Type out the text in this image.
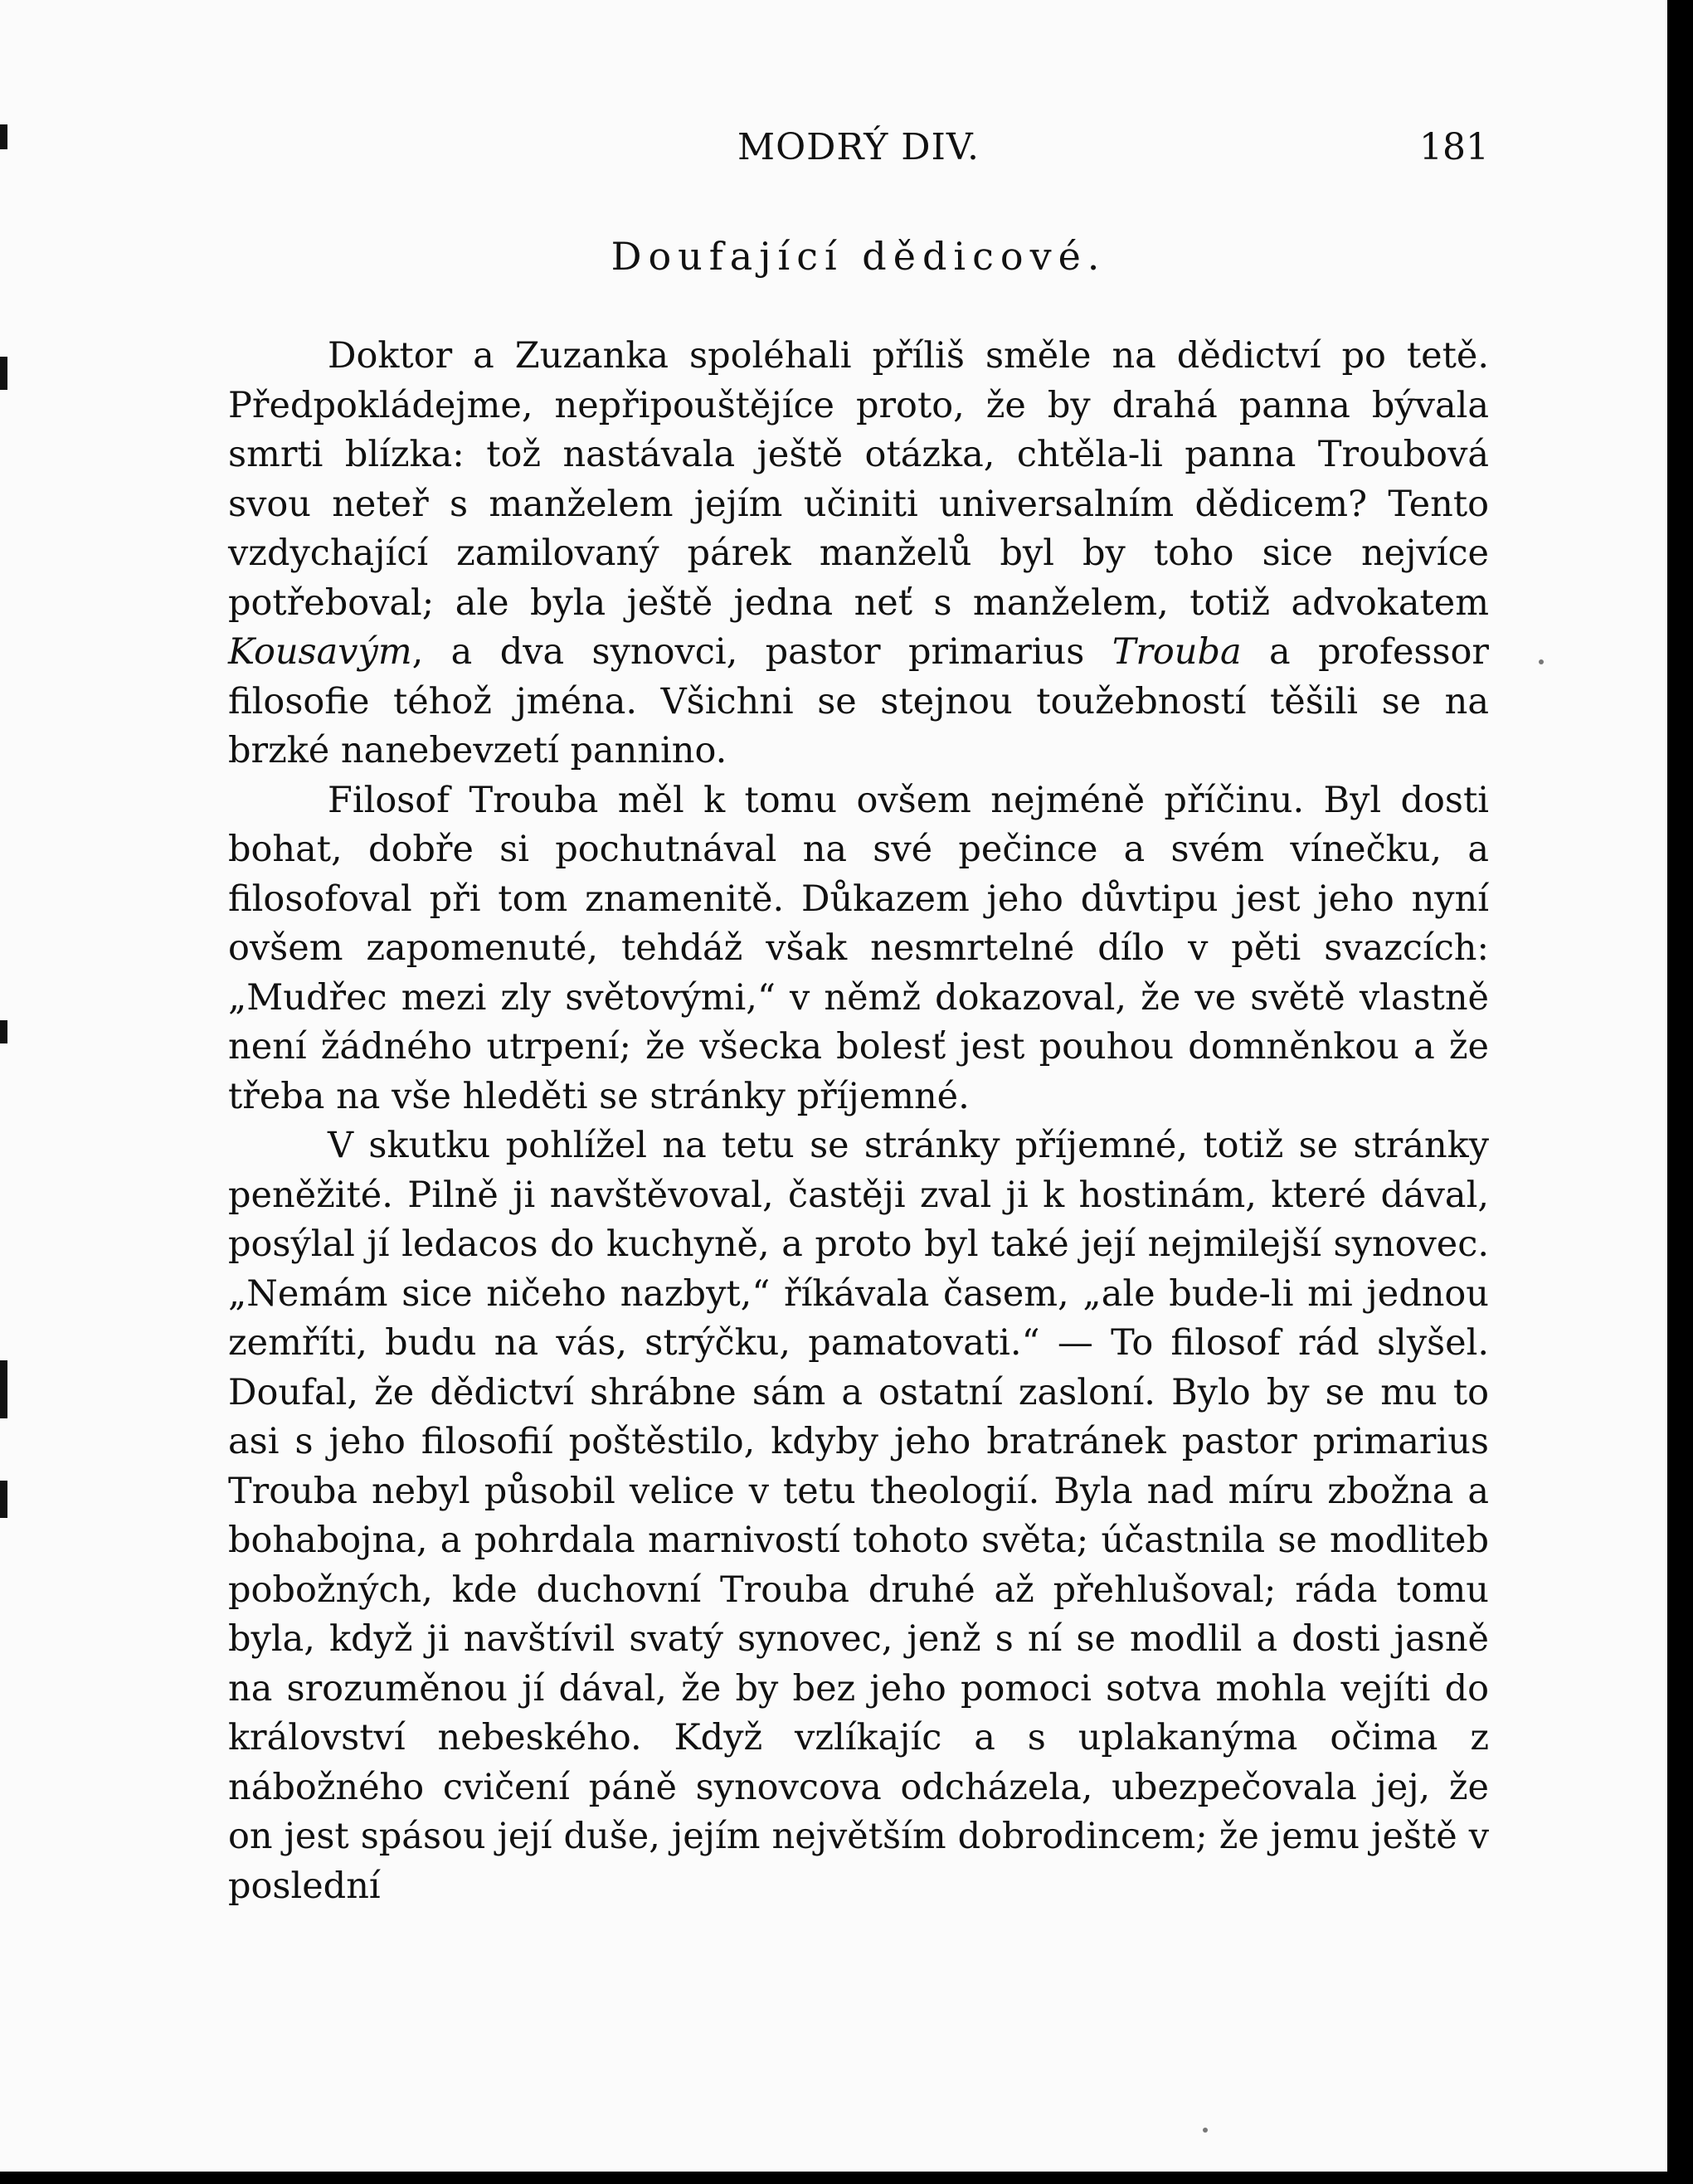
MODRÝ DIV.	181
Doufající dědicové.

Doktor a Zuzanka spoléhali příliš směle na dědictví po tetě. Předpokládejme, nepřipouštějíce proto, že by drahá panna bývala smrti blízka: tož nastávala ještě otázka, chtěla-li panna Troubová svou neteř s manželem jejím učiniti universalním dědicem? Tento vzdychající zamilovaný párek manželů byl by toho sice nejvíce potřeboval; ale byla ještě jedna neť s manželem, totiž advokatem Kousavým, a dva synovci, pastor primarius Trouba a professor filosofie téhož jména. Všichni se stejnou toužebností těšili se na brzké nanebevzetí pannino.

Filosof Trouba měl k tomu ovšem nejméně příčinu. Byl dosti bohat, dobře si pochutnával na své pečince a svém vínečku, a filosofoval při tom znamenitě. Důkazem jeho důvtipu jest jeho nyní ovšem zapomenuté, tehdáž však nesmrtelné dílo v pěti svazcích: „Mudřec mezi zly světovými,“ v němž dokazoval, že ve světě vlastně není žádného utrpení; že všecka bolesť jest pouhou domněnkou a že třeba na vše hleděti se stránky příjemné.

V skutku pohlížel na tetu se stránky příjemné, totiž se stránky peněžité. Pilně ji navštěvoval, častěji zval ji k hostinám, které dával, posýlal jí ledacos do kuchyně, a proto byl také její nejmilejší synovec. „Nemám sice ničeho nazbyt,“ říkávala časem, „ale bude-li mi jednou zemříti, budu na vás, strýčku, pamatovati.“ — To filosof rád slyšel. Doufal, že dědictví shrábne sám a ostatní zasloní. Bylo by se mu to asi s jeho filosofií poštěstilo, kdyby jeho bratránek pastor primarius Trouba nebyl působil velice v tetu theologií. Byla nad míru zbožna a bohabojna, a pohrdala marnivostí tohoto světa; účastnila se modliteb pobožných, kde duchovní Trouba druhé až přehlušoval; ráda tomu byla, když ji navštívil svatý synovec, jenž s ní se modlil a dosti jasně na srozuměnou jí dával, že by bez jeho pomoci sotva mohla vejíti do království nebeského. Když vzlíkajíc a s uplakanýma očima z nábožného cvičení páně synovcova odcházela, ubezpečovala jej, že on jest spásou její duše, jejím největším dobrodincem; že jemu ještě v poslední
